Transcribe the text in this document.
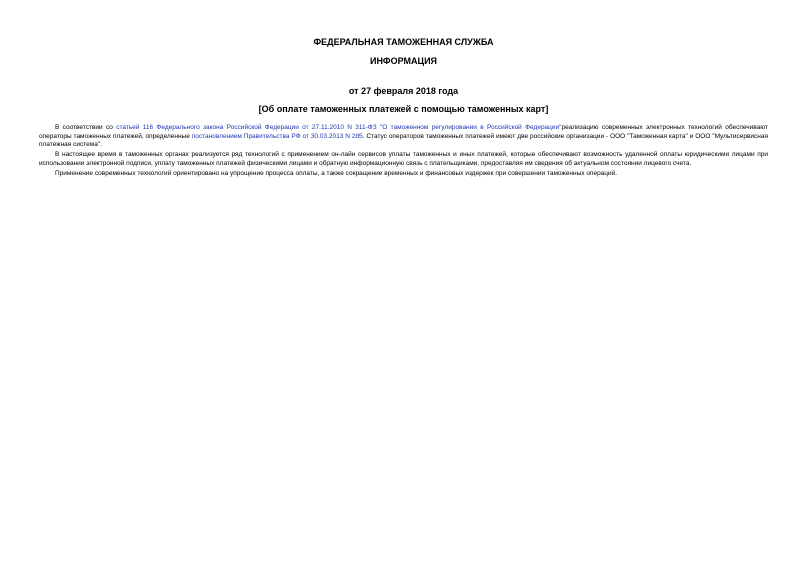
ФЕДЕРАЛЬНАЯ ТАМОЖЕННАЯ СЛУЖБА
ИНФОРМАЦИЯ
от 27 февраля 2018 года
[Об оплате таможенных платежей с помощью таможенных карт]

В соответствии со статьей 116 Федерального закона Российской Федерации от 27.11.2010 N 311-ФЗ "О таможенном регулировании в Российской Федерации"реализацию современных электронных технологий обеспечивают операторы таможенных платежей, определенные постановлением Правительства РФ от 30.03.2013 N 285. Статус операторов таможенных платежей имеют две российские организации - ООО "Таможенная карта" и ООО "Мультисервисная платежная система".

В настоящее время в таможенных органах реализуется ряд технологий с применением он-лайн сервисов уплаты таможенных и иных платежей, которые обеспечивают возможность удаленной оплаты юридическими лицами при использовании электронной подписи, уплату таможенных платежей физическими лицами и обратную информационную связь с плательщиками, предоставляя им сведения об актуальном состоянии лицевого счета.

Применение современных технологий ориентировано на упрощение процесса оплаты, а также сокращение временных и финансовых издержек при совершении таможенных операций.
